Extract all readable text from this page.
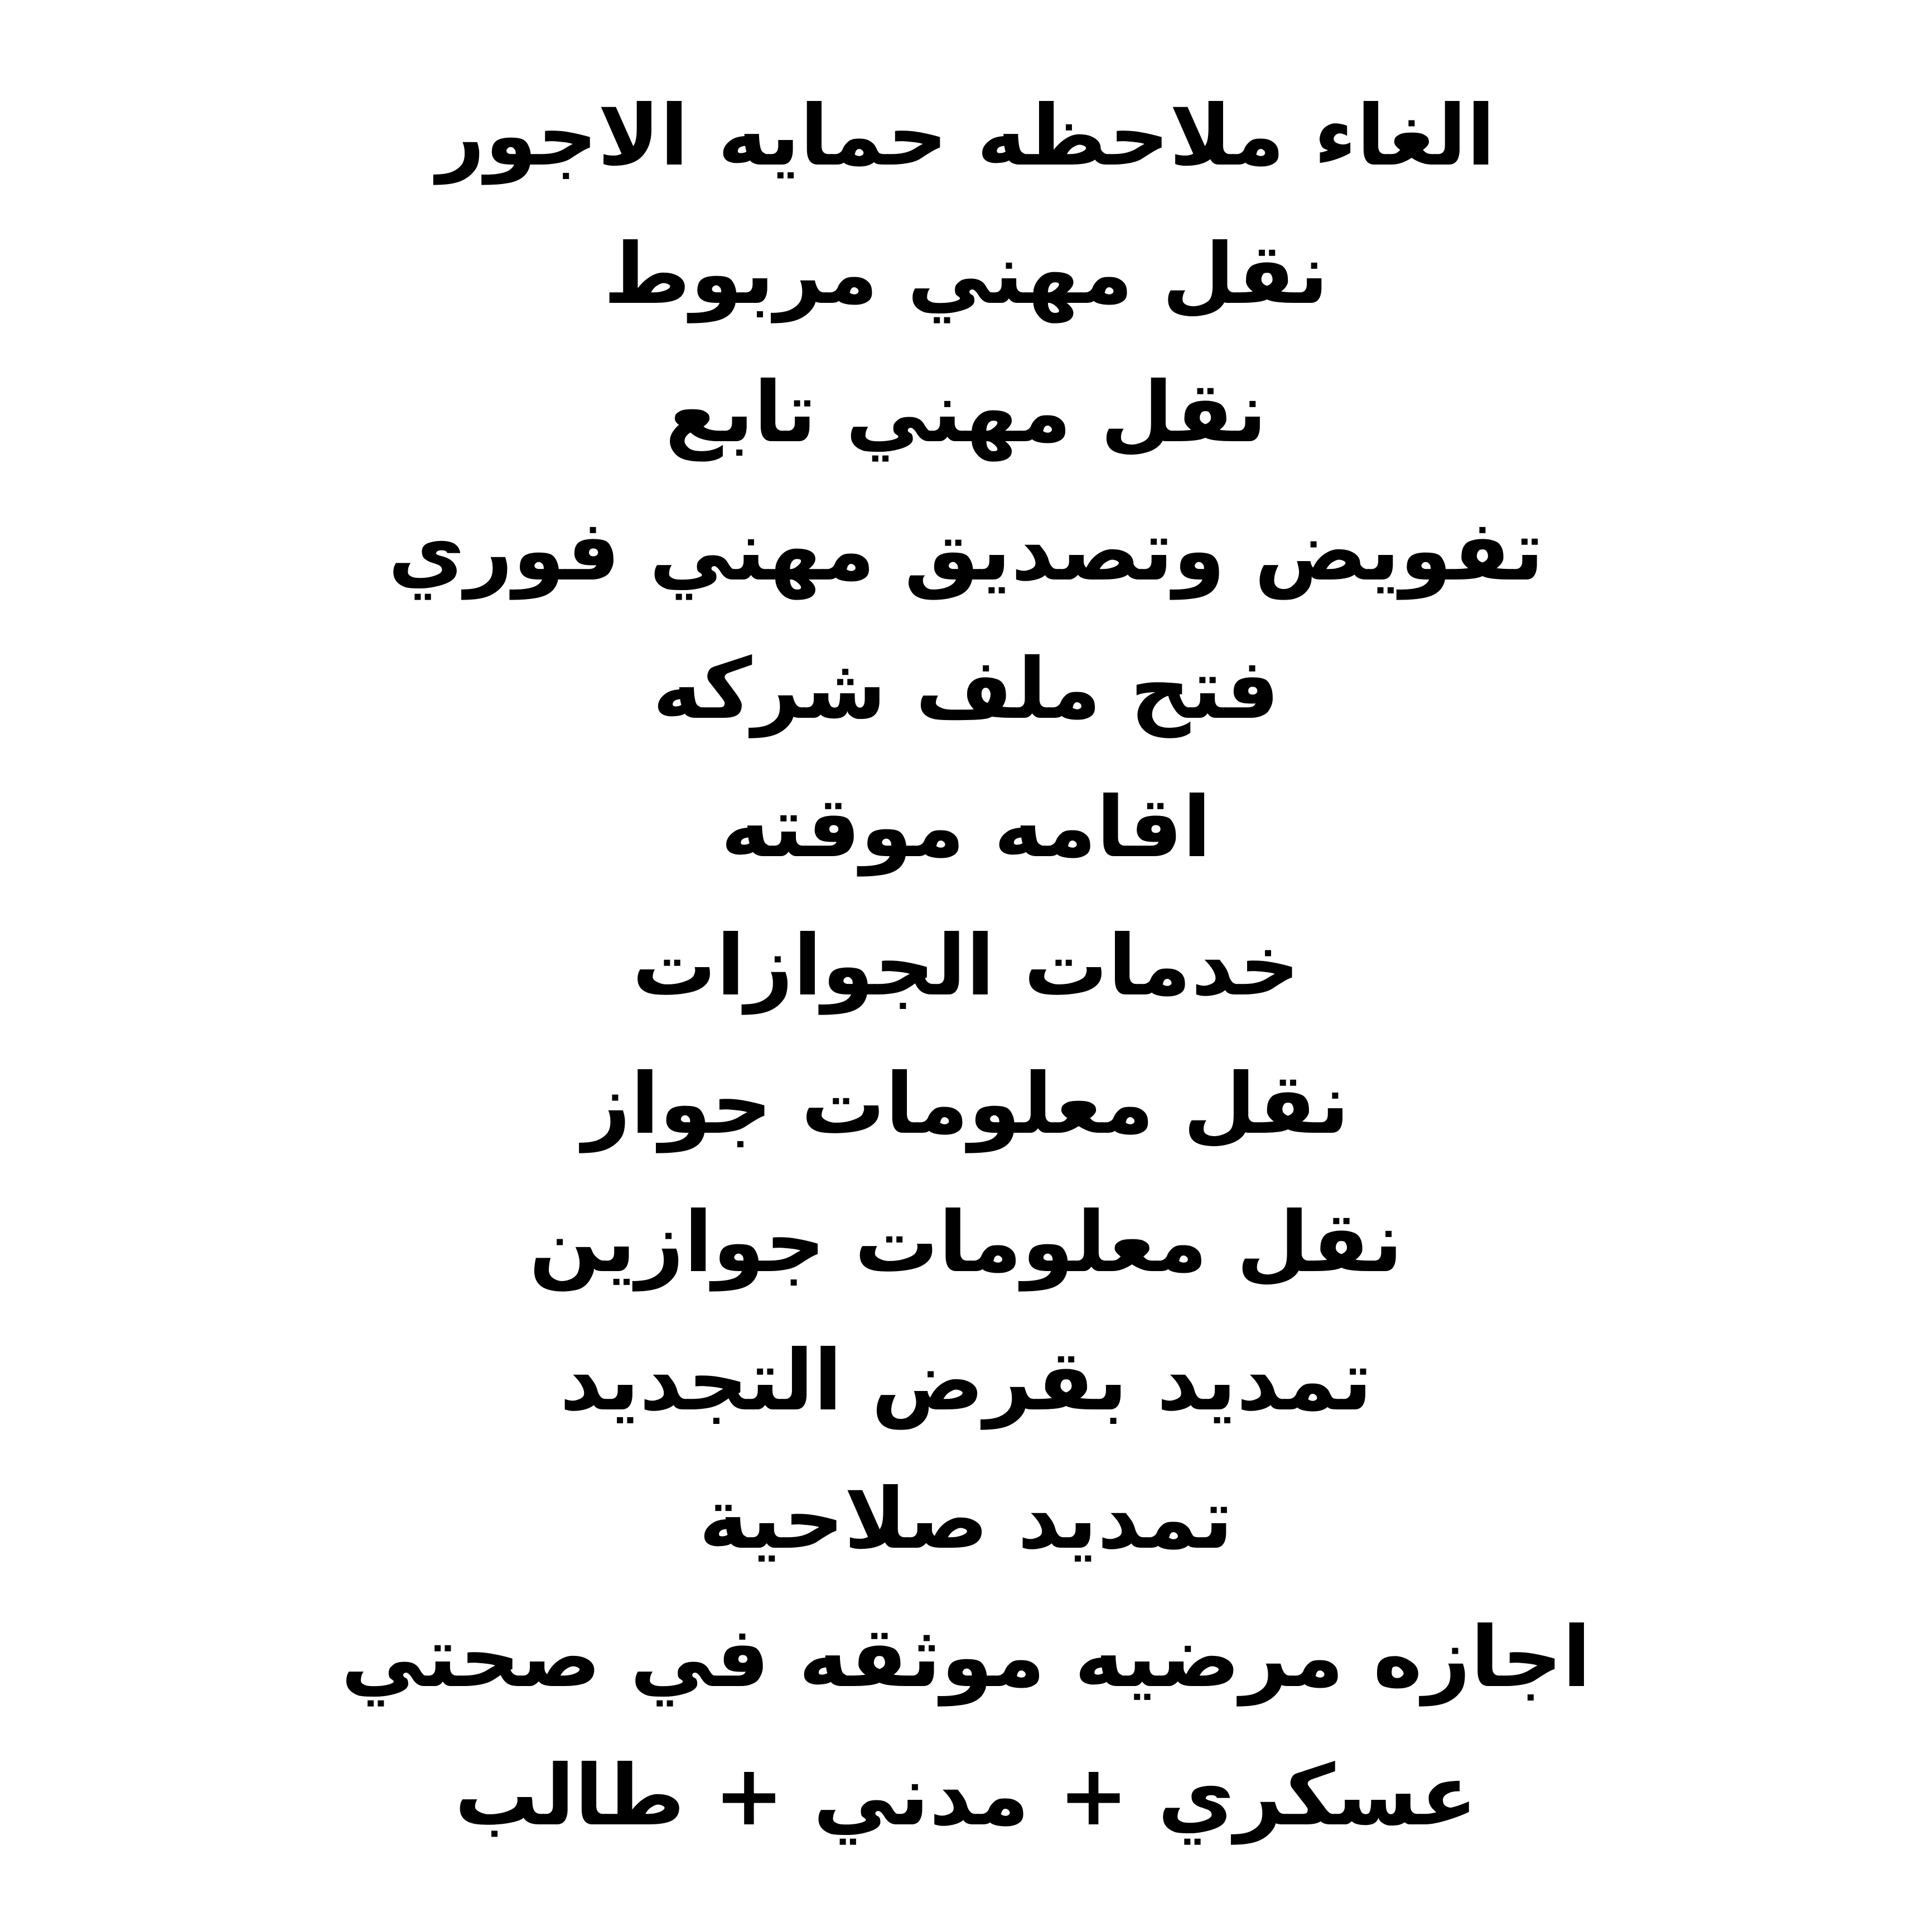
الغاء ملاحظه حمايه الاجور
نقل مهني مربوط
نقل مهني تابع
تفويض وتصديق مهني فوري
فتح ملف شركه
اقامه موقته
خدمات الجوازات
نقل معلومات جواز
نقل معلومات جوازين
تمديد بقرض التجديد
تمديد صلاحية
اجازه مرضيه موثقه في صحتي
عسكري + مدني + طالب
